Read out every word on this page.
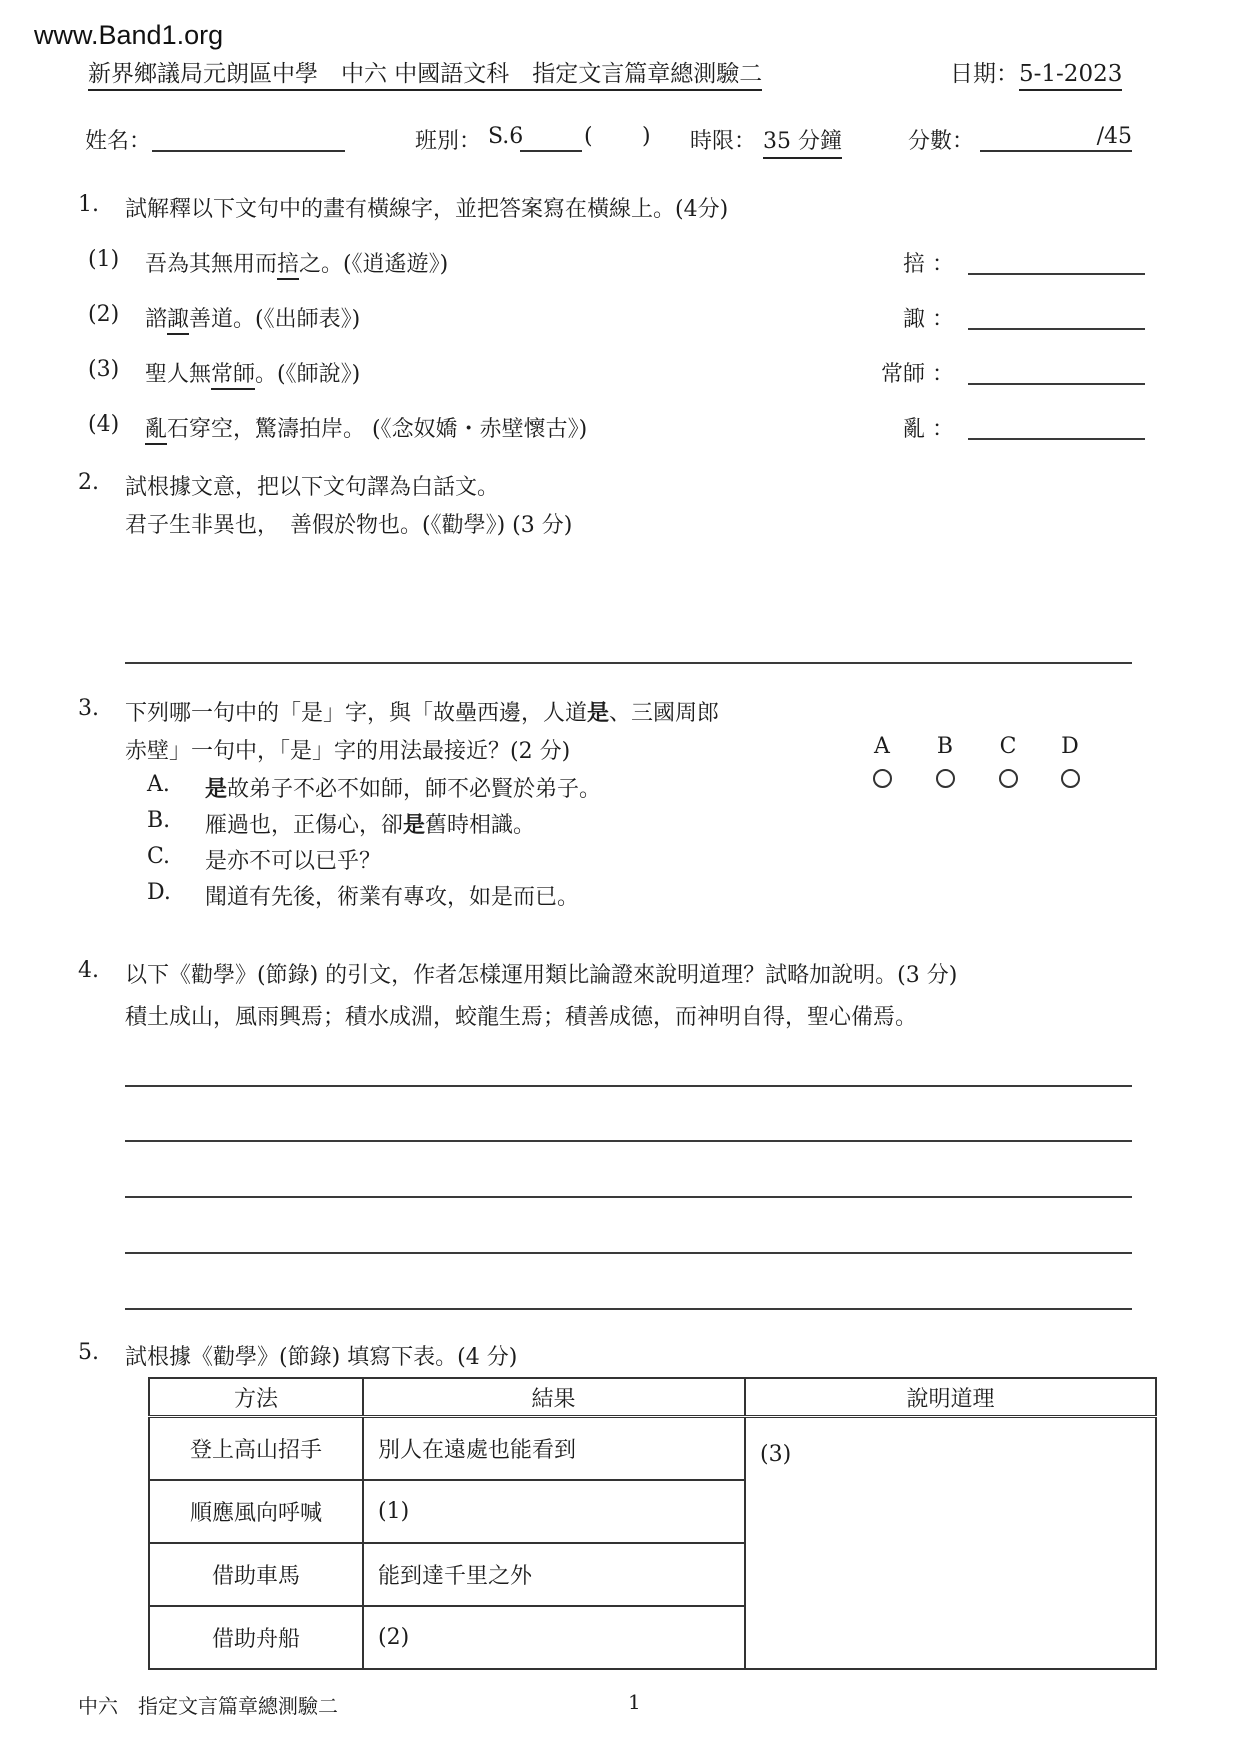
www.Band1.org
新界鄉議局元朗區中學　中六 中國語文科　指定文言篇章總測驗二	日期：5-1-2023
姓名：	班別： S.6	( ) 時限： 35 分鐘	分數：	/45
1. 試解釋以下文句中的畫有橫線字，並把答案寫在橫線上。(4分)
(1) 吾為其無用而掊之。(《逍遙遊》)	掊 ：
(2) 諮諏善道。(《出師表》)	諏 ：
(3) 聖人無常師。(《師說》)	常師 ：
(4) 亂石穿空，驚濤拍岸。 (《念奴嬌・赤壁懷古》)	亂 ：
2. 試根據文意，把以下文句譯為白話文。
君子生非異也，　善假於物也。(《勸學》) (3 分)
3. 下列哪一句中的「是」字，與「故壘西邊，人道是、三國周郎
赤壁」一句中，「是」字的用法最接近？(2 分)	A B C D
A. 是故弟子不必不如師，師不必賢於弟子。
B. 雁過也，正傷心，卻是舊時相識。
C. 是亦不可以已乎？
D. 聞道有先後，術業有專攻，如是而已。
4. 以下《勸學》(節錄) 的引文，作者怎樣運用類比論證來說明道理？試略加說明。(3 分)
積土成山，風雨興焉；積水成淵，蛟龍生焉；積善成德，而神明自得，聖心備焉。
5. 試根據《勸學》(節錄) 填寫下表。(4 分)
方法	結果	說明道理
登上高山招手	別人在遠處也能看到	(3)
順應風向呼喊	(1)	
借助車馬	能到達千里之外	
借助舟船	(2)	
中六　指定文言篇章總測驗二	1
